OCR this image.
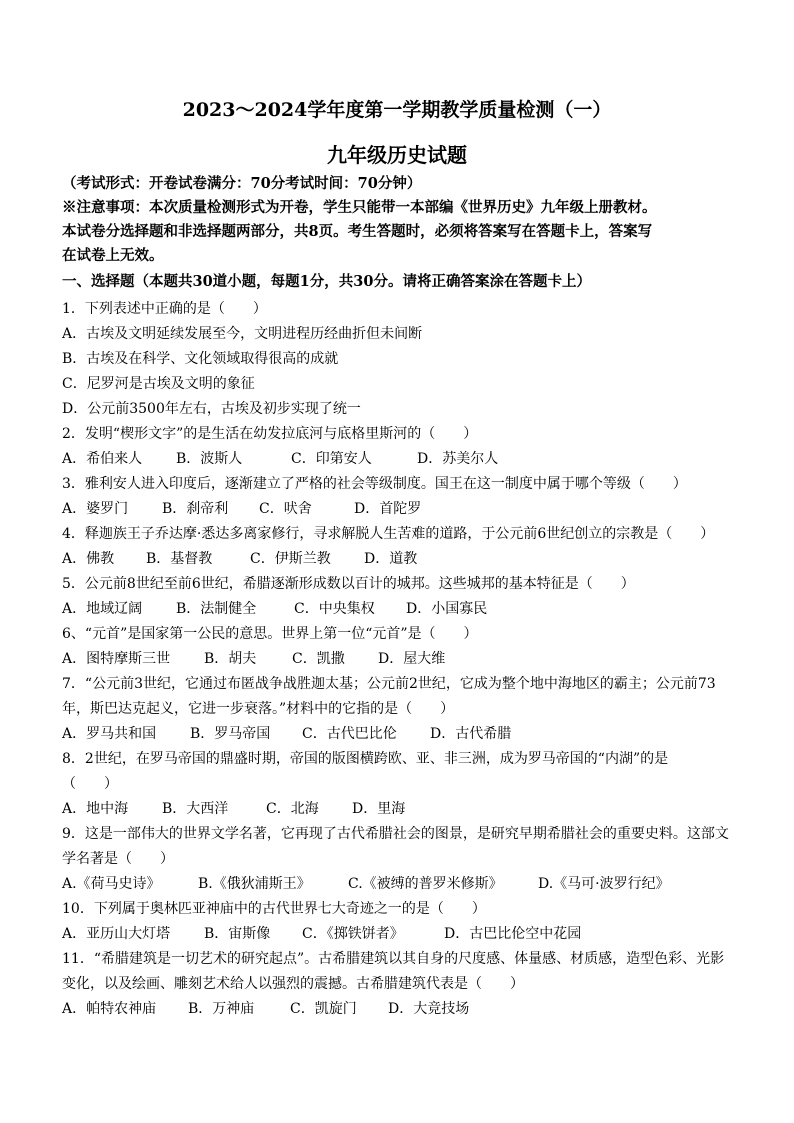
2023～2024学年度第一学期教学质量检测（一）
九年级历史试题
（考试形式：开卷试卷满分：70分考试时间：70分钟）
※注意事项：本次质量检测形式为开卷，学生只能带一本部编《世界历史》九年级上册教材。
本试卷分选择题和非选择题两部分，共8页。考生答题时，必须将答案写在答题卡上，答案写
在试卷上无效。
一、选择题（本题共30道小题，每题1分，共30分。请将正确答案涂在答题卡上）
1．下列表述中正确的是（　　）
A．古埃及文明延续发展至今，文明进程历经曲折但未间断
B．古埃及在科学、文化领域取得很高的成就
C．尼罗河是古埃及文明的象征
D．公元前3500年左右，古埃及初步实现了统一
2．发明“楔形文字”的是生活在幼发拉底河与底格里斯河的（　　）
A．希伯来人 B．波斯人	C．印第安人	D．苏美尔人
3．雅利安人进入印度后，逐渐建立了严格的社会等级制度。国王在这一制度中属于哪个等级（　　）
A．婆罗门 B．刹帝利 C．吠舍	D．首陀罗
4．释迦族王子乔达摩·悉达多离家修行，寻求解脱人生苦难的道路，于公元前6世纪创立的宗教是（　　）
A．佛教 B．基督教	C．伊斯兰教 D．道教
5．公元前8世纪至前6世纪，希腊逐渐形成数以百计的城邦。这些城邦的基本特征是（　　）
A．地域辽阔 B．法制健全	C．中央集权 D．小国寡民
6、“元首”是国家第一公民的意思。世界上第一位“元首”是（　　）
A．图特摩斯三世 B．胡夫	C．凯撒 D．屋大维
7．“公元前3世纪，它通过布匿战争战胜迦太基；公元前2世纪，它成为整个地中海地区的霸主；公元前73
年，斯巴达克起义，它进一步衰落。”材料中的它指的是（　　）
A．罗马共和国 B．罗马帝国 C．古代巴比伦 D．古代希腊
8．2世纪，在罗马帝国的鼎盛时期，帝国的版图横跨欧、亚、非三洲，成为罗马帝国的“内湖”的是
（　　）
A．地中海 B．大西洋	C．北海 D．里海
9．这是一部伟大的世界文学名著，它再现了古代希腊社会的图景，是研究早期希腊社会的重要史料。这部文
学名著是（　　）
A.《荷马史诗》	B.《俄狄浦斯王》	C.《被缚的普罗米修斯》	D.《马可·波罗行纪》
10．下列属于奥林匹亚神庙中的古代世界七大奇迹之一的是（　　）
A．亚历山大灯塔 B．宙斯像 C．《掷铁饼者》	D．古巴比伦空中花园
11．“希腊建筑是一切艺术的研究起点”。古希腊建筑以其自身的尺度感、体量感、材质感，造型色彩、光影
变化，以及绘画、雕刻艺术给人以强烈的震撼。古希腊建筑代表是（　　）
A．帕特农神庙 B．万神庙	C．凯旋门 D．大竞技场
